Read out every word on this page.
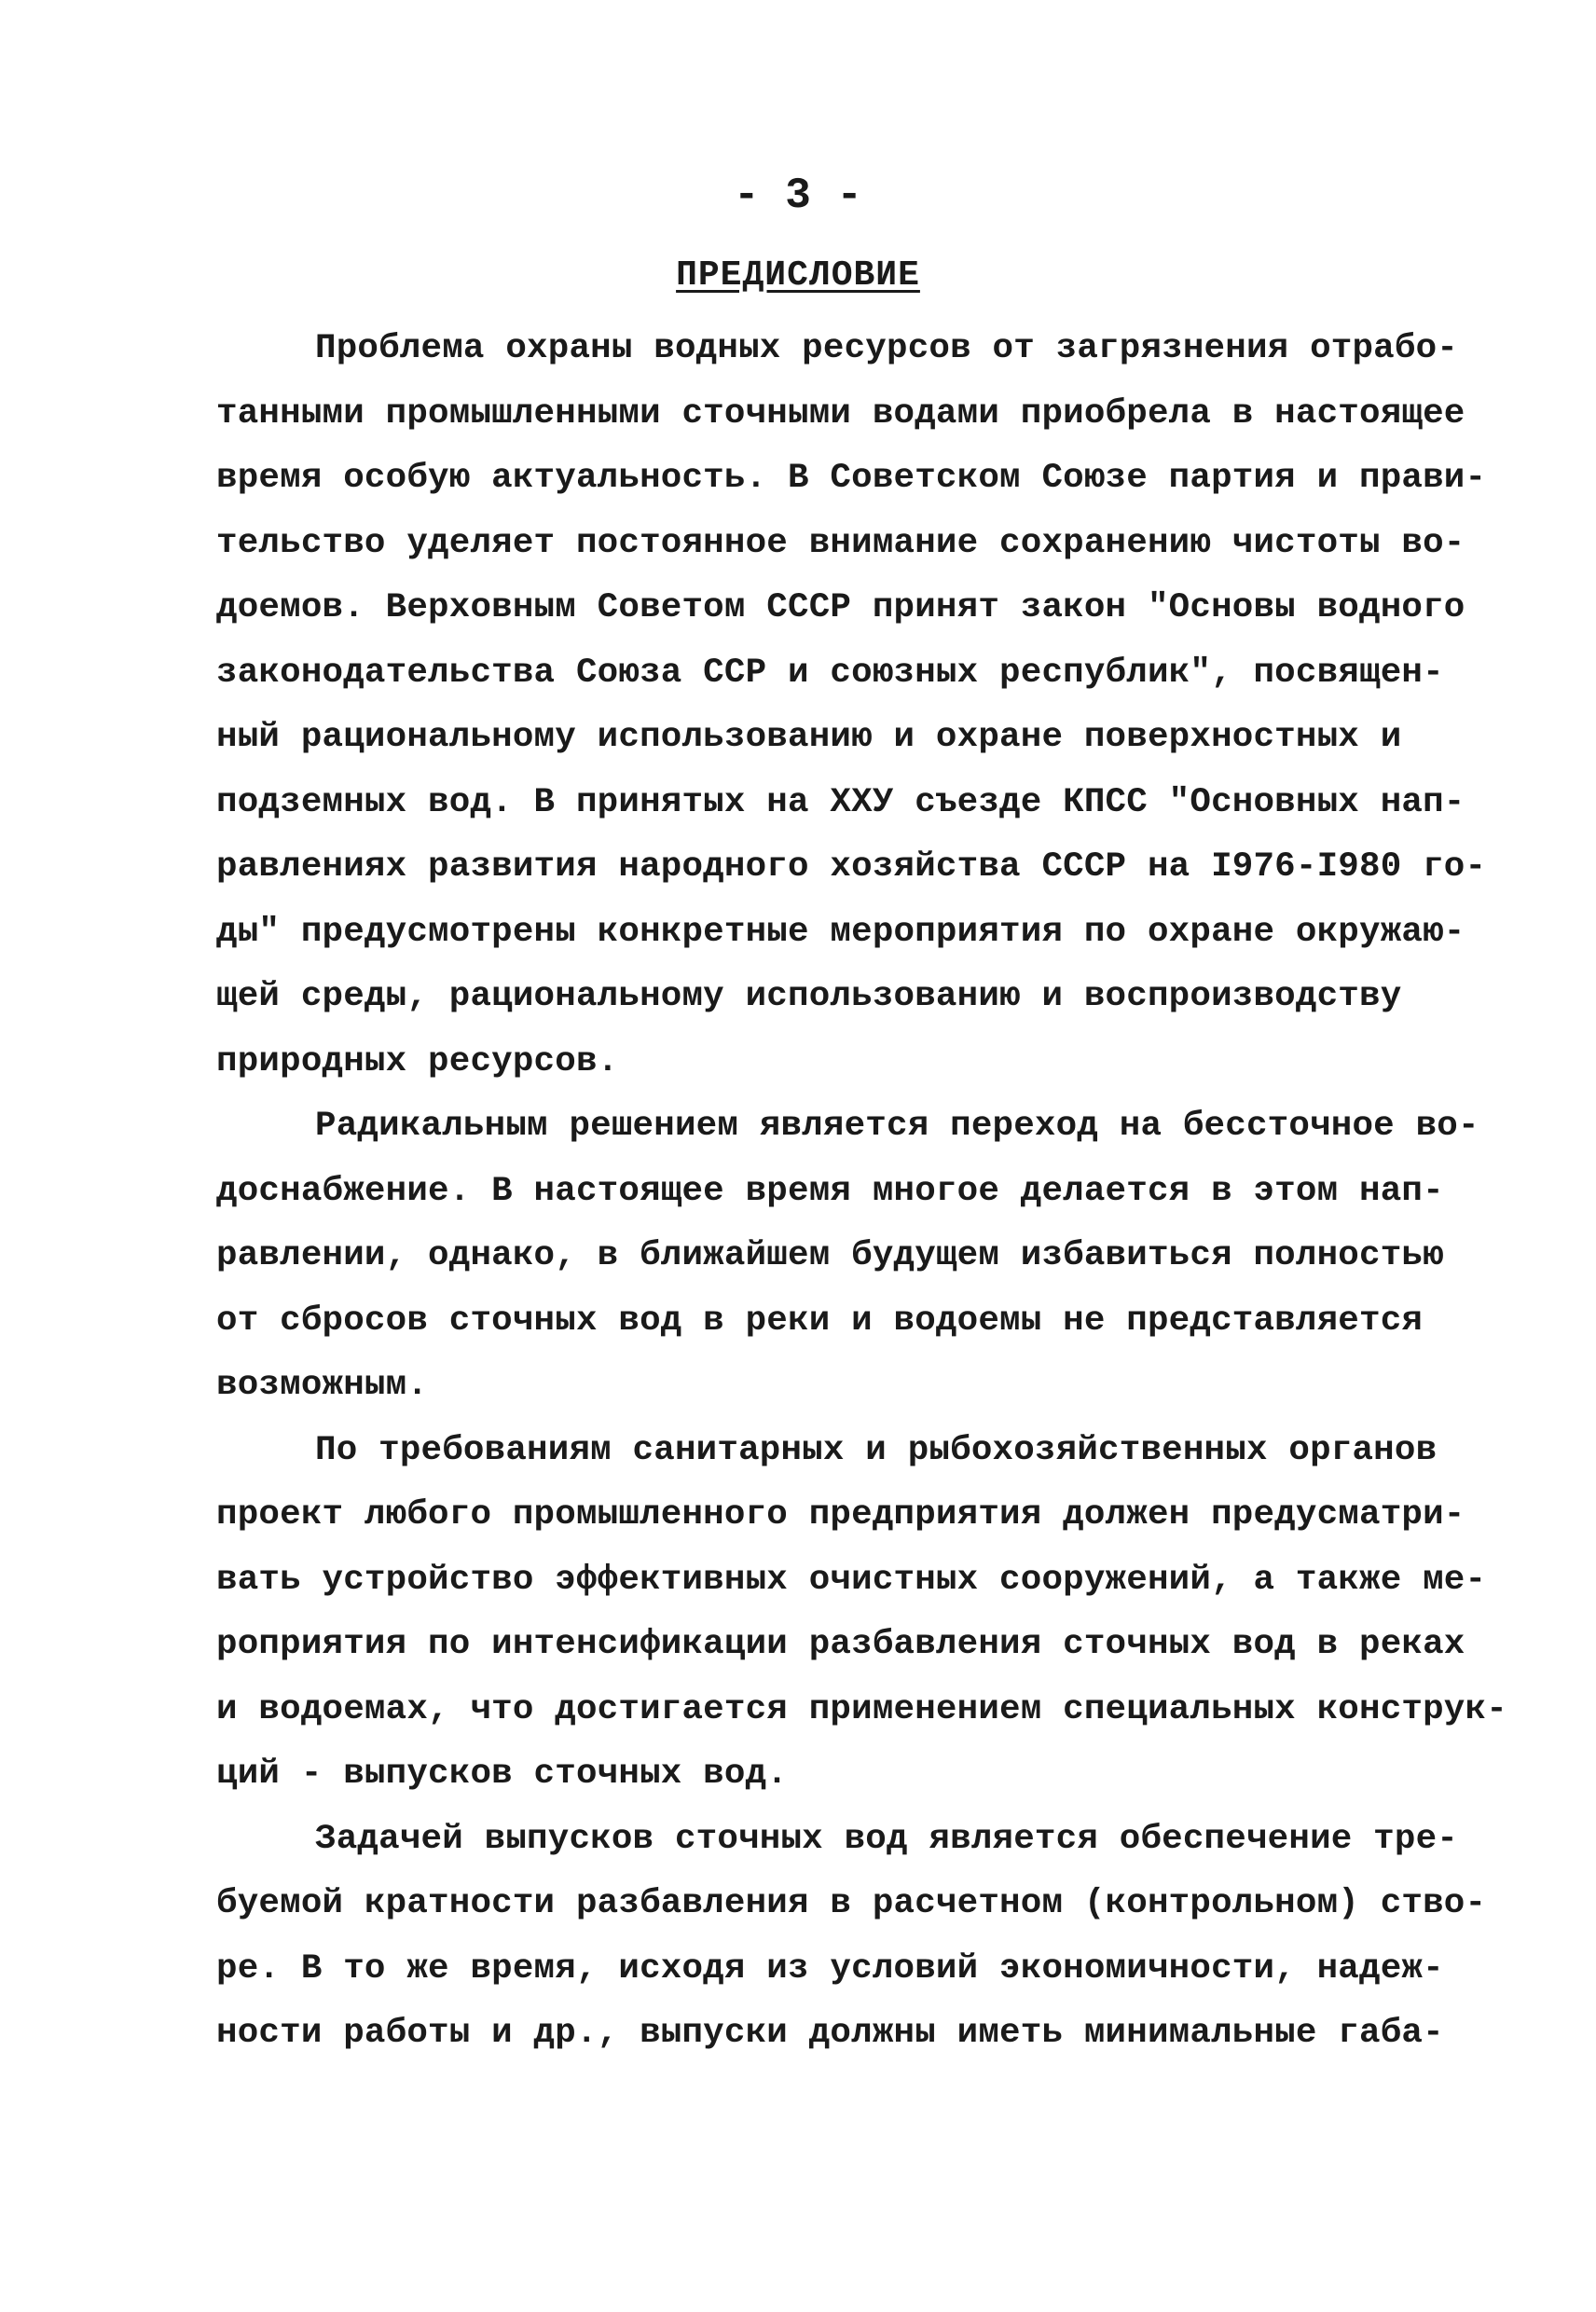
- 3 -

ПРЕДИСЛОВИЕ
Проблема охраны водных ресурсов от загрязнения отрабо-
танными промышленными сточными водами приобрела в настоящее
время особую актуальность. В Советском Союзе партия и прави-
тельство уделяет постоянное внимание сохранению чистоты во-
доемов. Верховным Советом СССР принят закон "Основы водного
законодательства Союза ССР и союзных республик", посвящен-
ный рациональному использованию и охране поверхностных и
подземных вод. В принятых на ХХУ съезде КПСС "Основных нап-
равлениях развития народного хозяйства СССР на I976-I980 го-
ды" предусмотрены конкретные мероприятия по охране окружаю-
щей среды, рациональному использованию и воспроизводству
природных ресурсов.
Радикальным решением является переход на бессточное во-
доснабжение. В настоящее время многое делается в этом нап-
равлении, однако, в ближайшем будущем избавиться полностью
от сбросов сточных вод в реки и водоемы не представляется
возможным.
По требованиям санитарных и рыбохозяйственных органов
проект любого промышленного предприятия должен предусматри-
вать устройство эффективных очистных сооружений, а также ме-
роприятия по интенсификации разбавления сточных вод в реках
и водоемах, что достигается применением специальных конструк-
ций - выпусков сточных вод.
Задачей выпусков сточных вод является обеспечение тре-
буемой кратности разбавления в расчетном (контрольном) ство-
ре. В то же время, исходя из условий экономичности, надеж-
ности работы и др., выпуски должны иметь минимальные габа-
